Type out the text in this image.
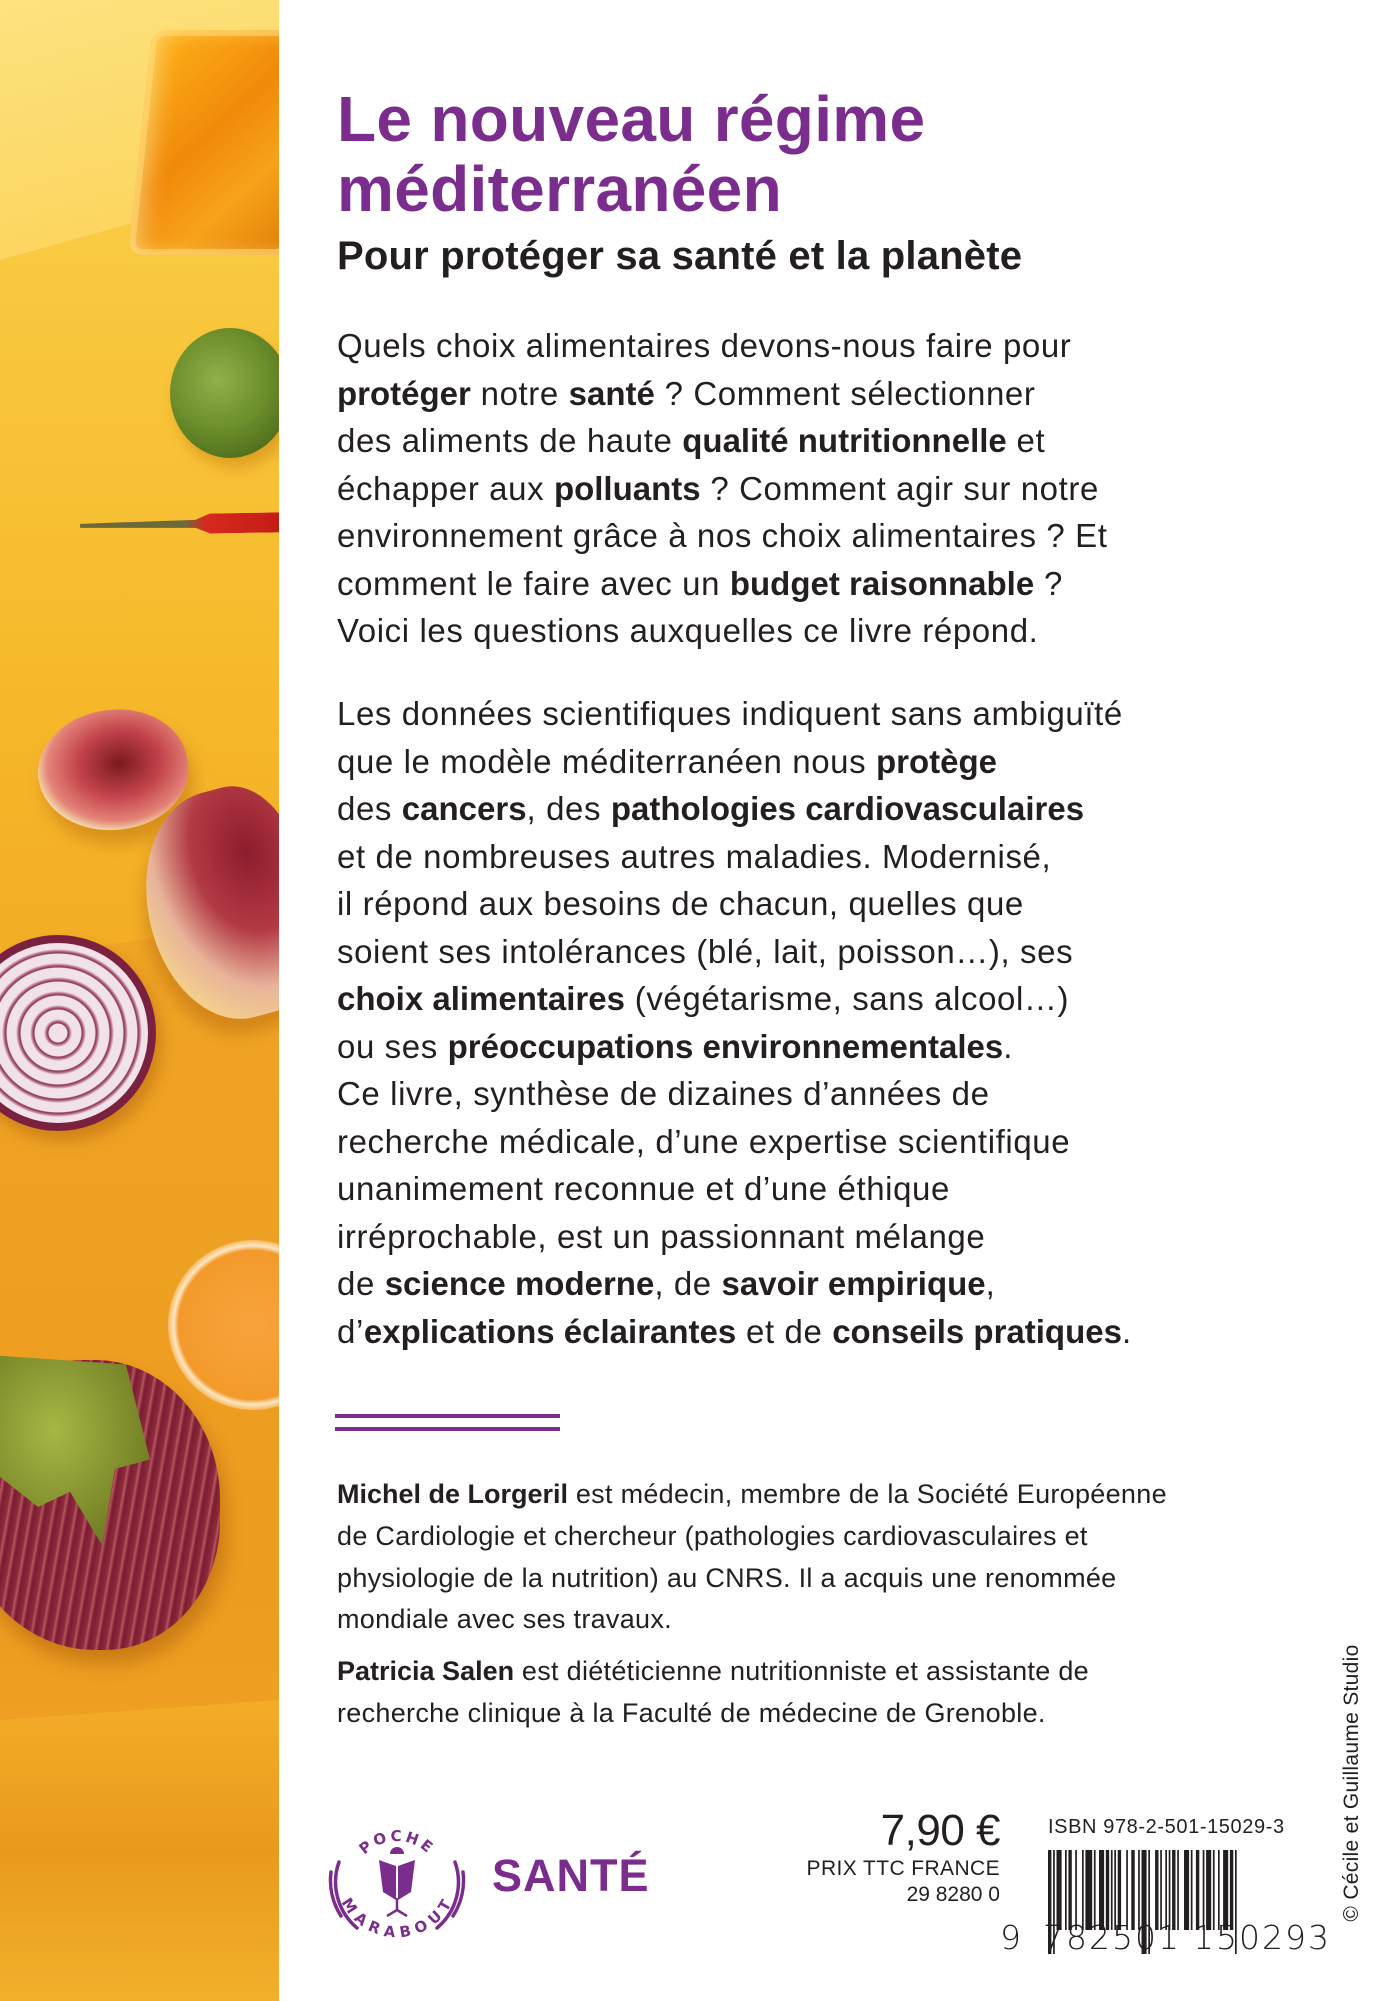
Le nouveau régime
méditerranéen
Pour protéger sa santé et la planète

Quels choix alimentaires devons-nous faire pour
protéger notre santé ? Comment sélectionner
des aliments de haute qualité nutritionnelle et
échapper aux polluants ? Comment agir sur notre
environnement grâce à nos choix alimentaires ? Et
comment le faire avec un budget raisonnable ?
Voici les questions auxquelles ce livre répond.

Les données scientifiques indiquent sans ambiguïté
que le modèle méditerranéen nous protège
des cancers, des pathologies cardiovasculaires
et de nombreuses autres maladies. Modernisé,
il répond aux besoins de chacun, quelles que
soient ses intolérances (blé, lait, poisson…), ses
choix alimentaires (végétarisme, sans alcool…)
ou ses préoccupations environnementales.
Ce livre, synthèse de dizaines d’années de
recherche médicale, d’une expertise scientifique
unanimement reconnue et d’une éthique
irréprochable, est un passionnant mélange
de science moderne, de savoir empirique,
d’explications éclairantes et de conseils pratiques.

Michel de Lorgeril est médecin, membre de la Société Européenne
de Cardiologie et chercheur (pathologies cardiovasculaires et
physiologie de la nutrition) au CNRS. Il a acquis une renommée
mondiale avec ses travaux.

Patricia Salen est diététicienne nutritionniste et assistante de
recherche clinique à la Faculté de médecine de Grenoble.

POCHE
MARABOUT
SANTÉ
7,90 €
PRIX TTC FRANCE
29 8280 0
ISBN 978-2-501-15029-3
9 782501 150293
© Cécile et Guillaume Studio
